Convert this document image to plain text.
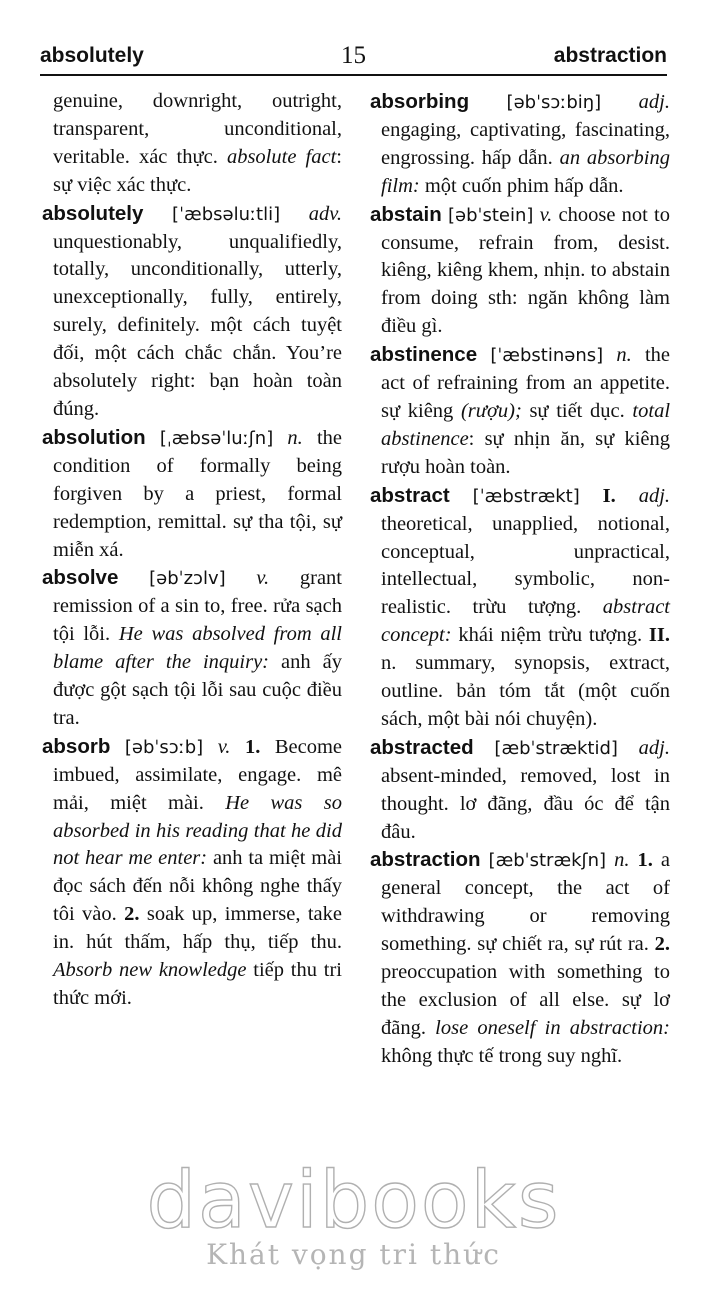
absolutely	15	abstraction

genuine, downright, outright, transparent, unconditional, veritable. xác thực. absolute fact: sự việc xác thực.

absolutely [ˈæbsəluːtli] adv. unquestionably, unqualifiedly, totally, unconditionally, utterly, unexceptionally, fully, entirely, surely, definitely. một cách tuyệt đối, một cách chắc chắn. You’re absolutely right: bạn hoàn toàn đúng.

absolution [ˌæbsəˈluːʃn] n. the condition of formally being forgiven by a priest, formal redemption, remittal. sự tha tội, sự miễn xá.

absolve [əbˈzɔlv] v. grant remission of a sin to, free. rửa sạch tội lỗi. He was absolved from all blame after the inquiry: anh ấy được gột sạch tội lỗi sau cuộc điều tra.

absorb [əbˈsɔːb] v. 1. Become imbued, assimilate, engage. mê mải, miệt mài. He was so absorbed in his reading that he did not hear me enter: anh ta miệt mài đọc sách đến nỗi không nghe thấy tôi vào. 2. soak up, immerse, take in. hút thấm, hấp thụ, tiếp thu. Absorb new knowledge tiếp thu tri thức mới.

absorbing [əbˈsɔːbiŋ] adj. engaging, captivating, fascinating, engrossing. hấp dẫn. an absorbing film: một cuốn phim hấp dẫn.

abstain [əbˈstein] v. choose not to consume, refrain from, desist. kiêng, kiêng khem, nhịn. to abstain from doing sth: ngăn không làm điều gì.

abstinence [ˈæbstinəns] n. the act of refraining from an appetite. sự kiêng (rượu); sự tiết dục. total abstinence: sự nhịn ăn, sự kiêng rượu hoàn toàn.

abstract [ˈæbstrækt] I. adj. theoretical, unapplied, notional, conceptual, unpractical, intellectual, symbolic, non-realistic. trừu tượng. abstract concept: khái niệm trừu tượng. II. n. summary, synopsis, extract, outline. bản tóm tắt (một cuốn sách, một bài nói chuyện).

abstracted [æbˈstræktid] adj. absent-minded, removed, lost in thought. lơ đãng, đầu óc để tận đâu.

abstraction [æbˈstrækʃn] n. 1. a general concept, the act of withdrawing or removing something. sự chiết ra, sự rút ra. 2. preoccupation with something to the exclusion of all else. sự lơ đãng. lose oneself in abstraction: không thực tế trong suy nghĩ.

davibooks
Khát vọng tri thức
